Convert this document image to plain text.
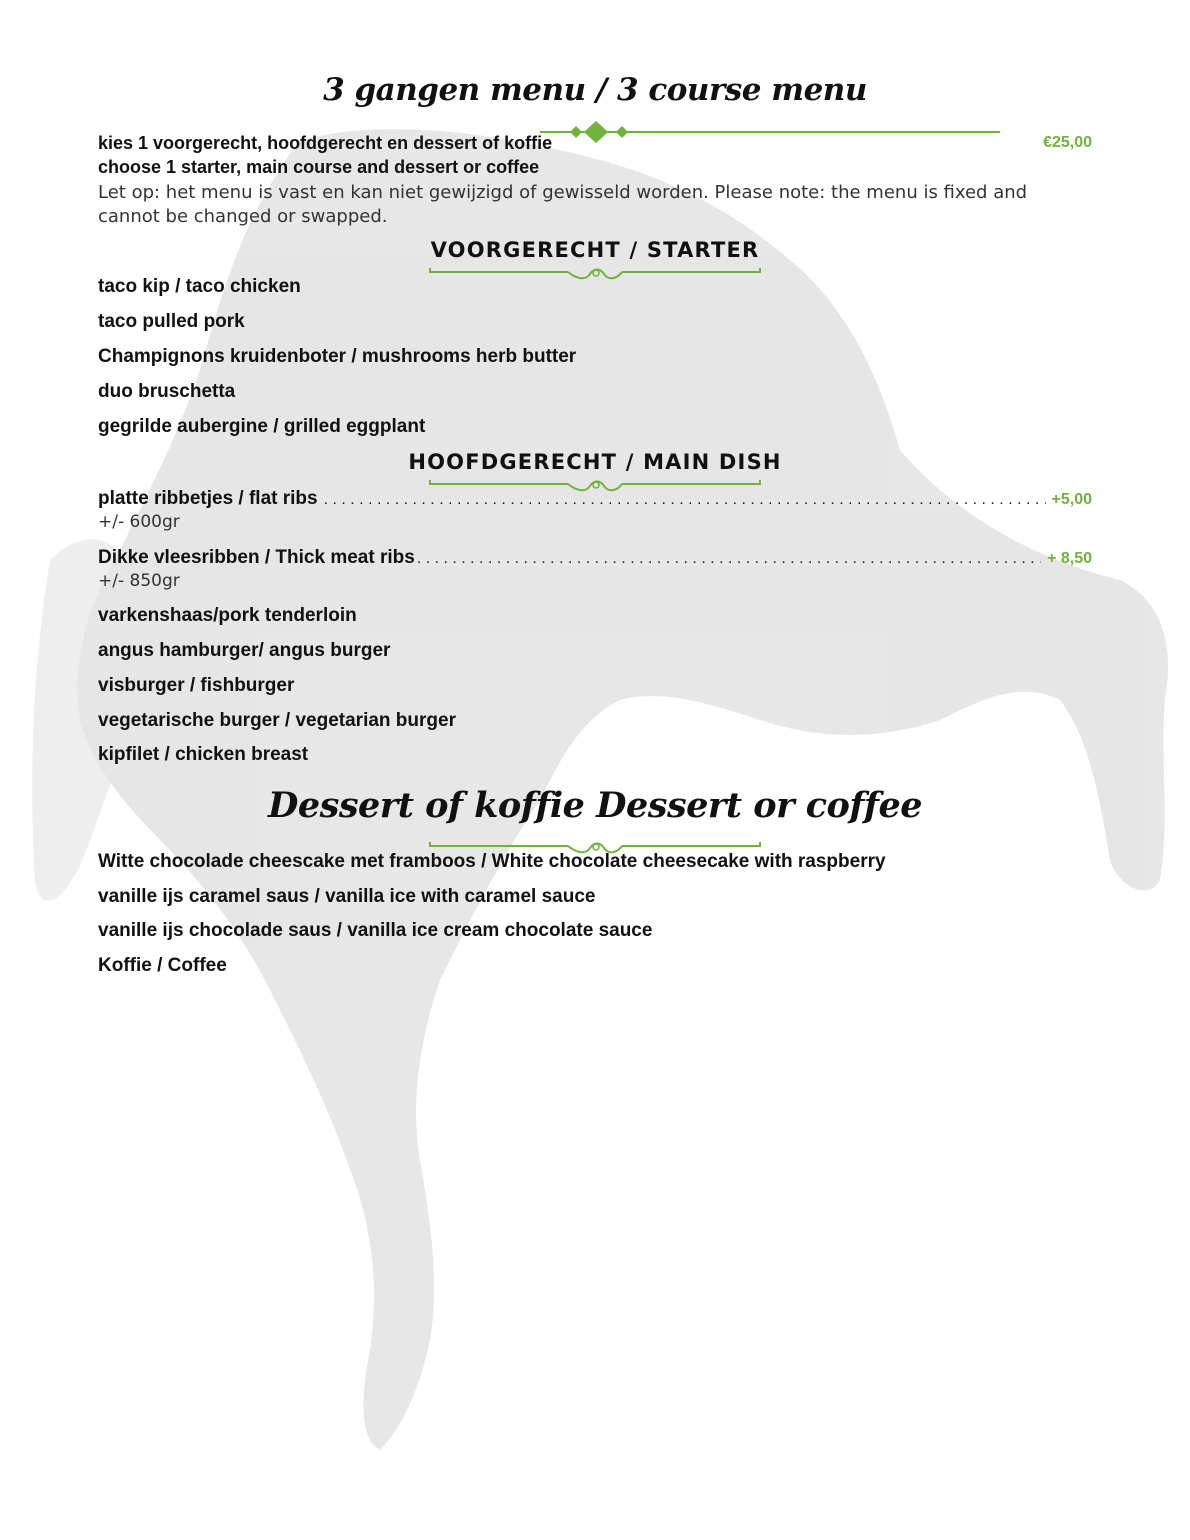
3 gangen menu / 3 course menu
kies 1 voorgerecht, hoofdgerecht en dessert of koffie	€25,00
choose 1 starter, main course and dessert or coffee
Let op: het menu is vast en kan niet gewijzigd of gewisseld worden. Please note: the menu is fixed and cannot be changed or swapped.
VOORGERECHT / STARTER
taco kip / taco chicken
taco pulled pork
Champignons kruidenboter / mushrooms herb butter
duo bruschetta
gegrilde aubergine / grilled eggplant
HOOFDGERECHT / MAIN DISH
platte ribbetjes / flat ribs . . .	+5,00
+/- 600gr
Dikke vleesribben / Thick meat ribs . . .	+ 8,50
+/- 850gr
varkenshaas/pork tenderloin
angus hamburger/ angus burger
visburger / fishburger
vegetarische burger / vegetarian burger
kipfilet / chicken breast
Dessert of koffie Dessert or coffee
Witte chocolade cheescake met framboos / White chocolate cheesecake with raspberry
vanille ijs caramel saus / vanilla ice with caramel sauce
vanille ijs chocolade saus / vanilla ice cream chocolate sauce
Koffie / Coffee
